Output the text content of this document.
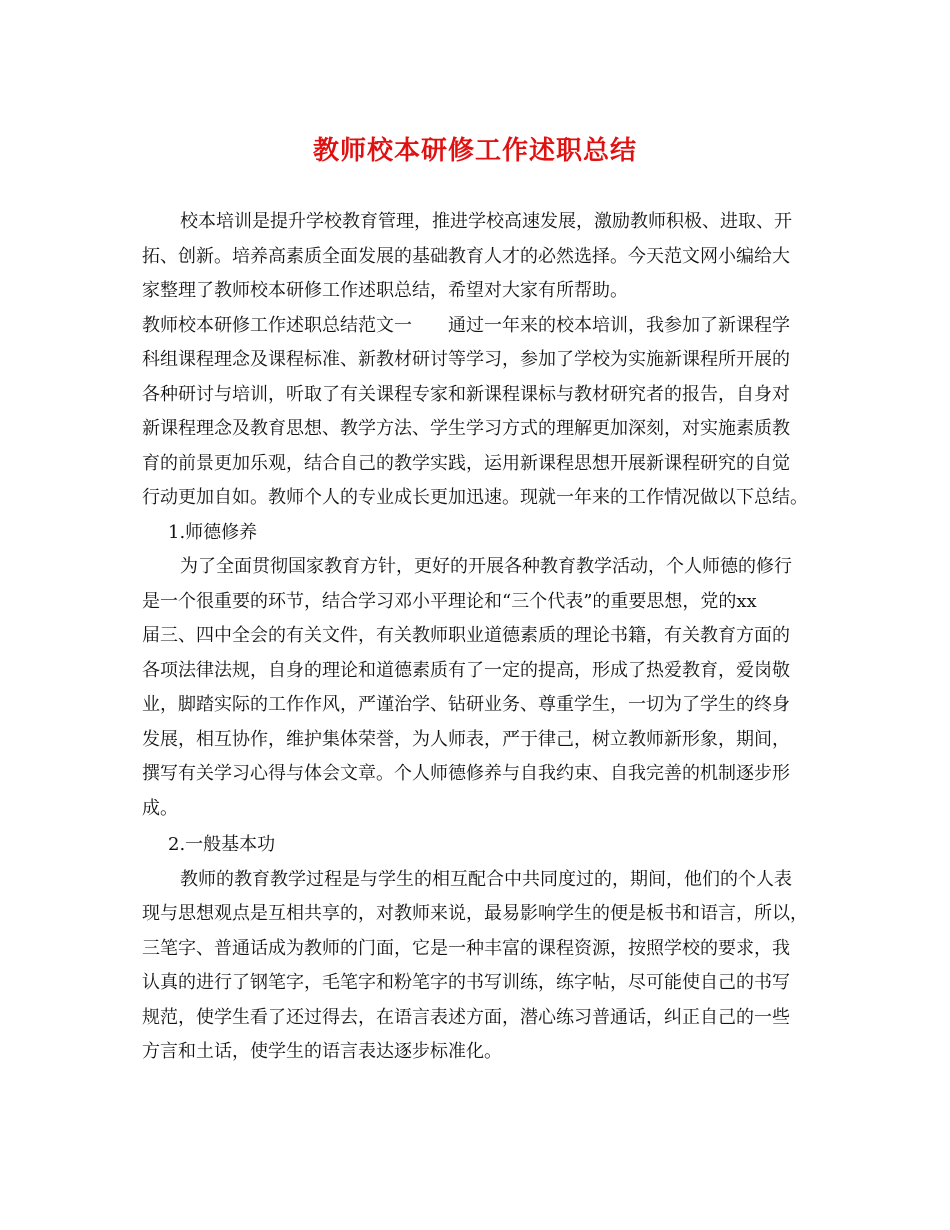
教师校本研修工作述职总结
校本培训是提升学校教育管理，推进学校高速发展，激励教师积极、进取、开
拓、创新。培养高素质全面发展的基础教育人才的必然选择。今天范文网小编给大
家整理了教师校本研修工作述职总结，希望对大家有所帮助。
教师校本研修工作述职总结范文一　　通过一年来的校本培训，我参加了新课程学
科组课程理念及课程标准、新教材研讨等学习，参加了学校为实施新课程所开展的
各种研讨与培训，听取了有关课程专家和新课程课标与教材研究者的报告，自身对
新课程理念及教育思想、教学方法、学生学习方式的理解更加深刻，对实施素质教
育的前景更加乐观，结合自己的教学实践，运用新课程思想开展新课程研究的自觉
行动更加自如。教师个人的专业成长更加迅速。现就一年来的工作情况做以下总结。
1.师德修养
为了全面贯彻国家教育方针，更好的开展各种教育教学活动，个人师德的修行
是一个很重要的环节，结合学习邓小平理论和“三个代表”的重要思想，党的xx
届三、四中全会的有关文件，有关教师职业道德素质的理论书籍，有关教育方面的
各项法律法规，自身的理论和道德素质有了一定的提高，形成了热爱教育，爱岗敬
业，脚踏实际的工作作风，严谨治学、钻研业务、尊重学生，一切为了学生的终身
发展，相互协作，维护集体荣誉，为人师表，严于律己，树立教师新形象，期间，
撰写有关学习心得与体会文章。个人师德修养与自我约束、自我完善的机制逐步形
成。
2.一般基本功
教师的教育教学过程是与学生的相互配合中共同度过的，期间，他们的个人表
现与思想观点是互相共享的，对教师来说，最易影响学生的便是板书和语言，所以，
三笔字、普通话成为教师的门面，它是一种丰富的课程资源，按照学校的要求，我
认真的进行了钢笔字，毛笔字和粉笔字的书写训练，练字帖，尽可能使自己的书写
规范，使学生看了还过得去，在语言表述方面，潜心练习普通话，纠正自己的一些
方言和土话，使学生的语言表达逐步标准化。
